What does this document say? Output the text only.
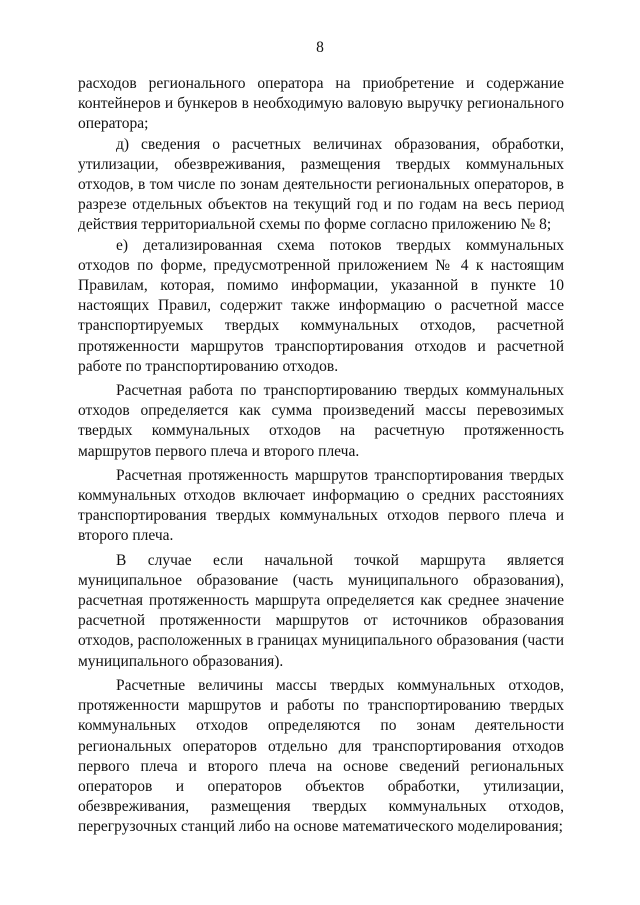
8

расходов регионального оператора на приобретение и содержание контейнеров и бункеров в необходимую валовую выручку регионального оператора;

д) сведения о расчетных величинах образования, обработки, утилизации, обезвреживания, размещения твердых коммунальных отходов, в том числе по зонам деятельности региональных операторов, в разрезе отдельных объектов на текущий год и по годам на весь период действия территориальной схемы по форме согласно приложению № 8;

е) детализированная схема потоков твердых коммунальных отходов по форме, предусмотренной приложением № 4 к настоящим Правилам, которая, помимо информации, указанной в пункте 10 настоящих Правил, содержит также информацию о расчетной массе транспортируемых твердых коммунальных отходов, расчетной протяженности маршрутов транспортирования отходов и расчетной работе по транспортированию отходов.

Расчетная работа по транспортированию твердых коммунальных отходов определяется как сумма произведений массы перевозимых твердых коммунальных отходов на расчетную протяженность маршрутов первого плеча и второго плеча.

Расчетная протяженность маршрутов транспортирования твердых коммунальных отходов включает информацию о средних расстояниях транспортирования твердых коммунальных отходов первого плеча и второго плеча.

В случае если начальной точкой маршрута является муниципальное образование (часть муниципального образования), расчетная протяженность маршрута определяется как среднее значение расчетной протяженности маршрутов от источников образования отходов, расположенных в границах муниципального образования (части муниципального образования).

Расчетные величины массы твердых коммунальных отходов, протяженности маршрутов и работы по транспортированию твердых коммунальных отходов определяются по зонам деятельности региональных операторов отдельно для транспортирования отходов первого плеча и второго плеча на основе сведений региональных операторов и операторов объектов обработки, утилизации, обезвреживания, размещения твердых коммунальных отходов, перегрузочных станций либо на основе математического моделирования;
